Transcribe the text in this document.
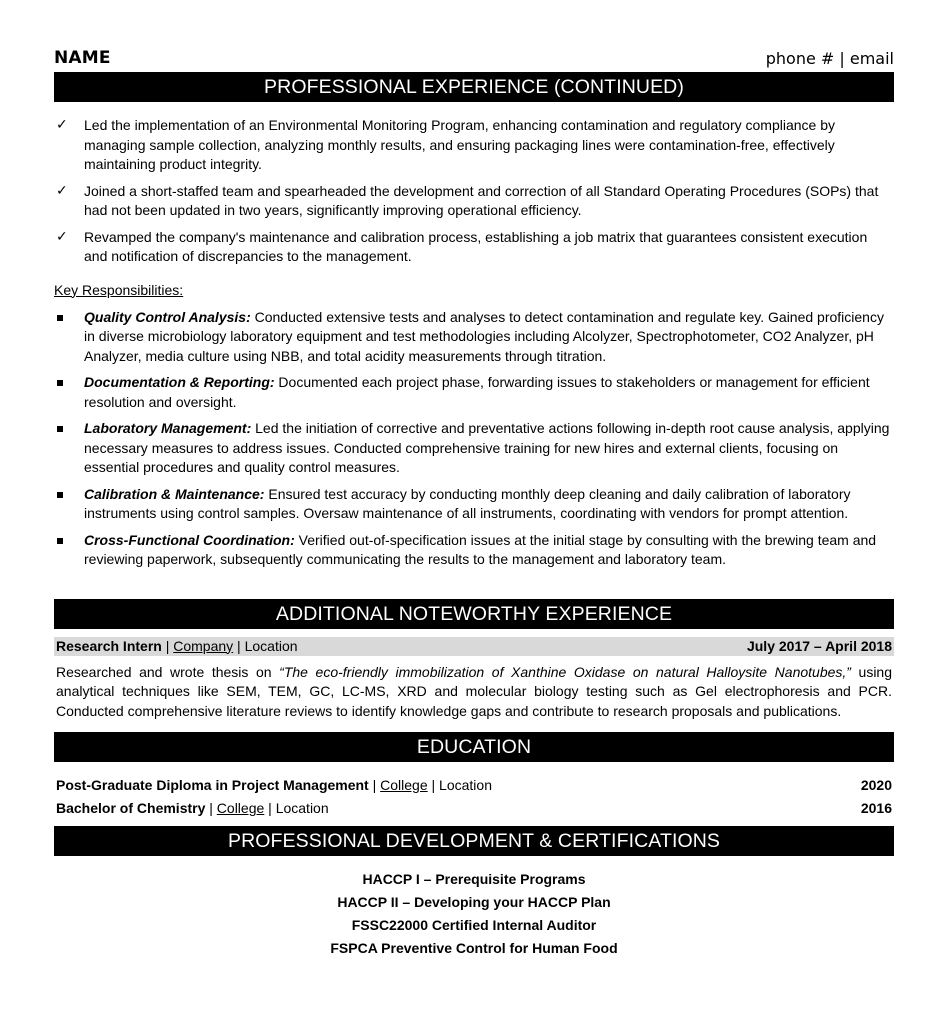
NAME	phone # | email
PROFESSIONAL EXPERIENCE (CONTINUED)
✓ Led the implementation of an Environmental Monitoring Program, enhancing contamination and regulatory compliance by managing sample collection, analyzing monthly results, and ensuring packaging lines were contamination-free, effectively maintaining product integrity.
✓ Joined a short-staffed team and spearheaded the development and correction of all Standard Operating Procedures (SOPs) that had not been updated in two years, significantly improving operational efficiency.
✓ Revamped the company's maintenance and calibration process, establishing a job matrix that guarantees consistent execution and notification of discrepancies to the management.
Key Responsibilities:
Quality Control Analysis: Conducted extensive tests and analyses to detect contamination and regulate key. Gained proficiency in diverse microbiology laboratory equipment and test methodologies including Alcolyzer, Spectrophotometer, CO2 Analyzer, pH Analyzer, media culture using NBB, and total acidity measurements through titration.
Documentation & Reporting: Documented each project phase, forwarding issues to stakeholders or management for efficient resolution and oversight.
Laboratory Management: Led the initiation of corrective and preventative actions following in-depth root cause analysis, applying necessary measures to address issues. Conducted comprehensive training for new hires and external clients, focusing on essential procedures and quality control measures.
Calibration & Maintenance: Ensured test accuracy by conducting monthly deep cleaning and daily calibration of laboratory instruments using control samples. Oversaw maintenance of all instruments, coordinating with vendors for prompt attention.
Cross-Functional Coordination: Verified out-of-specification issues at the initial stage by consulting with the brewing team and reviewing paperwork, subsequently communicating the results to the management and laboratory team.
ADDITIONAL NOTEWORTHY EXPERIENCE
Research Intern | Company | Location	July 2017 – April 2018
Researched and wrote thesis on “The eco-friendly immobilization of Xanthine Oxidase on natural Halloysite Nanotubes,” using analytical techniques like SEM, TEM, GC, LC-MS, XRD and molecular biology testing such as Gel electrophoresis and PCR. Conducted comprehensive literature reviews to identify knowledge gaps and contribute to research proposals and publications.
EDUCATION
Post-Graduate Diploma in Project Management | College | Location	2020
Bachelor of Chemistry | College | Location	2016
PROFESSIONAL DEVELOPMENT & CERTIFICATIONS
HACCP I – Prerequisite Programs
HACCP II – Developing your HACCP Plan
FSSC22000 Certified Internal Auditor
FSPCA Preventive Control for Human Food
